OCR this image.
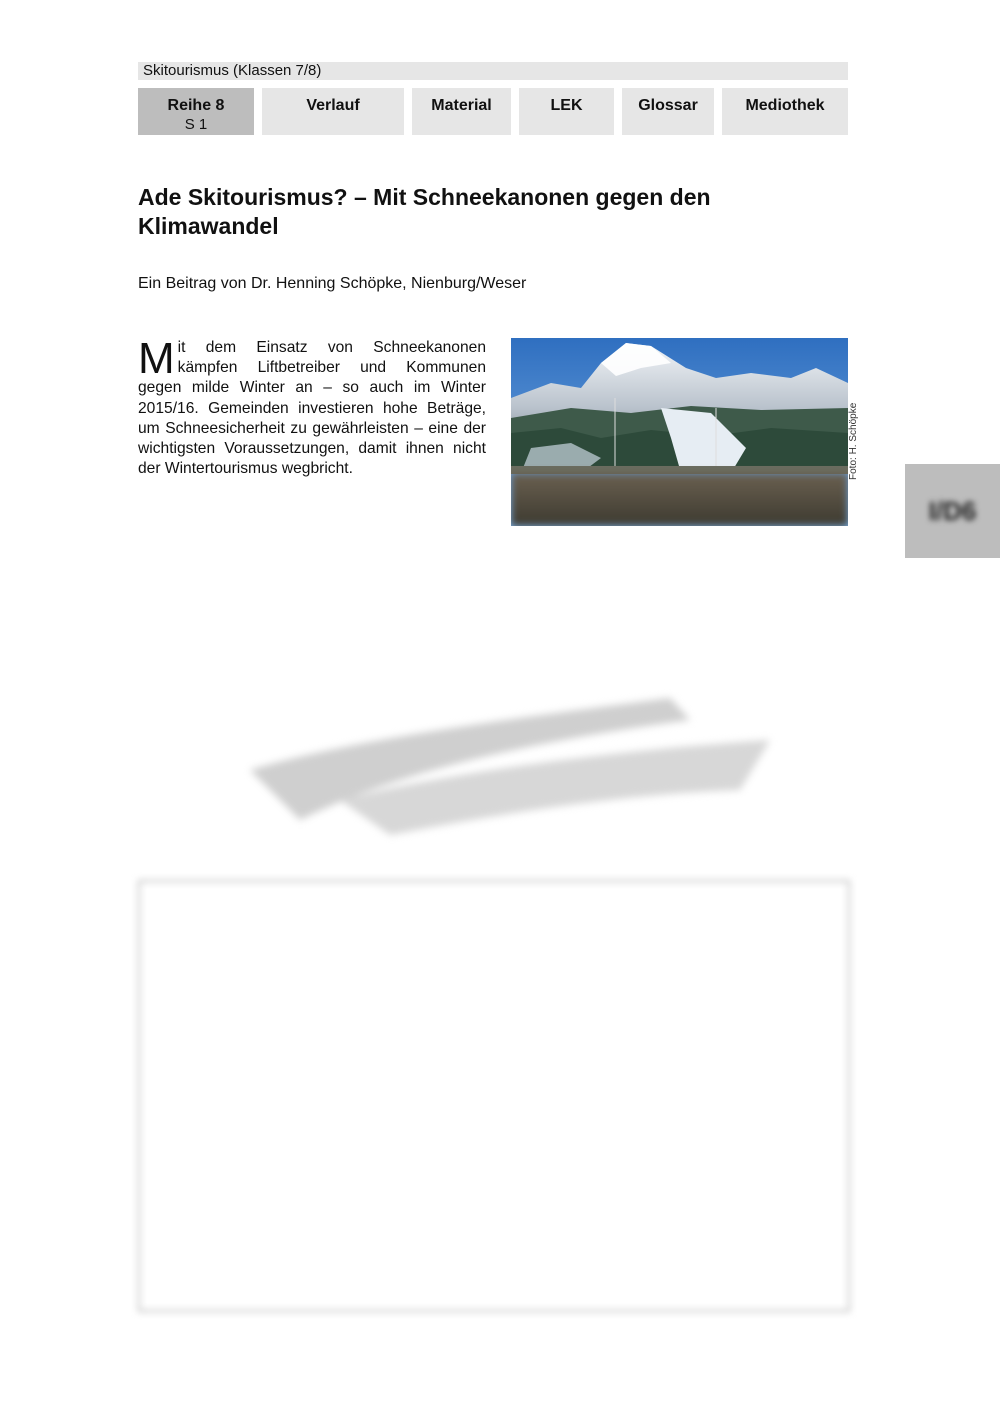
Skitourismus (Klassen 7/8)
Reihe 8
S 1
Verlauf	Material	LEK	Glossar	Mediothek
Ade Skitourismus? – Mit Schneekanonen gegen den Klimawandel
Ein Beitrag von Dr. Henning Schöpke, Nienburg/Weser
M it dem Einsatz von Schneekanonen kämpfen Liftbetreiber und Kommunen gegen milde Winter an – so auch im Winter 2015/16. Gemeinden investieren hohe Beträge, um Schneesicherheit zu gewährleisten – eine der wichtigsten Voraussetzungen, damit ihnen nicht der Wintertourismus wegbricht.	Foto: H. Schöpke
I/D6
